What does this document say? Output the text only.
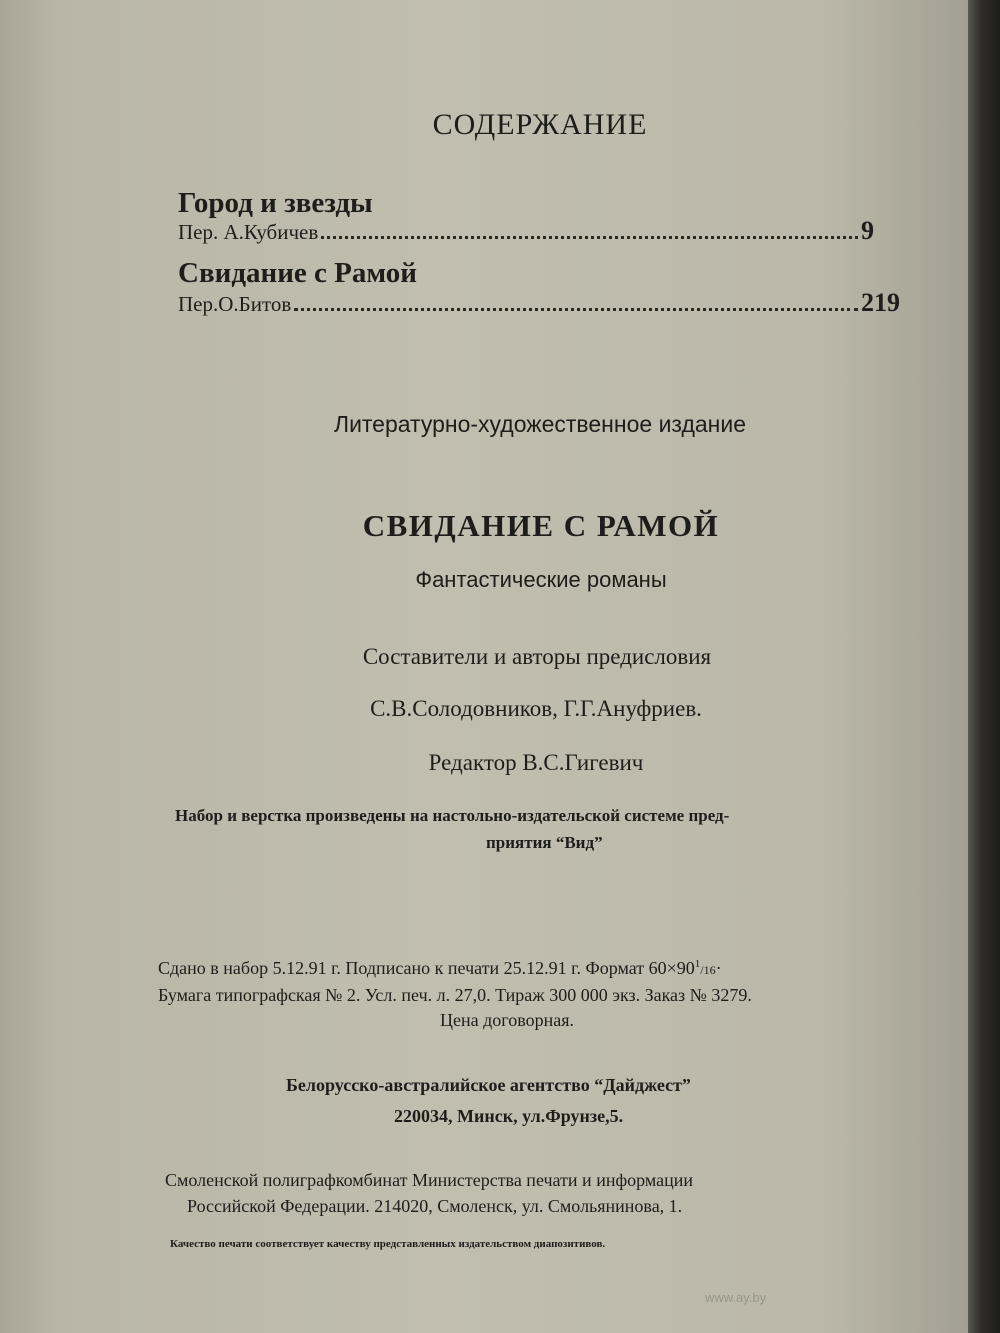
СОДЕРЖАНИЕ
Город и звезды
Пер. А.Кубичев	9
Свидание с Рамой
Пер.О.Битов	219
Литературно-художественное издание
СВИДАНИЕ С РАМОЙ
Фантастические романы
Составители и авторы предисловия
С.В.Солодовников, Г.Г.Ануфриев.
Редактор В.С.Гигевич
Набор и верстка произведены на настольно-издательской системе пред-
приятия “Вид”
Сдано в набор 5.12.91 г. Подписано к печати 25.12.91 г. Формат $60\times 90^1/16\cdot$
Бумага типографская № 2. Усл. печ. л. 27,0. Тираж 300 000 экз. Заказ № 3279.
Цена договорная.
Белорусско-австралийское агентство “Дайджест”
220034, Минск, ул.Фрунзе,5.
Смоленской полиграфкомбинат Министерства печати и информации
Российской Федерации. 214020, Смоленск, ул. Смольянинова, 1.
Качество печати соответствует качеству представленных издательством диапозитивов.
www.ay.by
